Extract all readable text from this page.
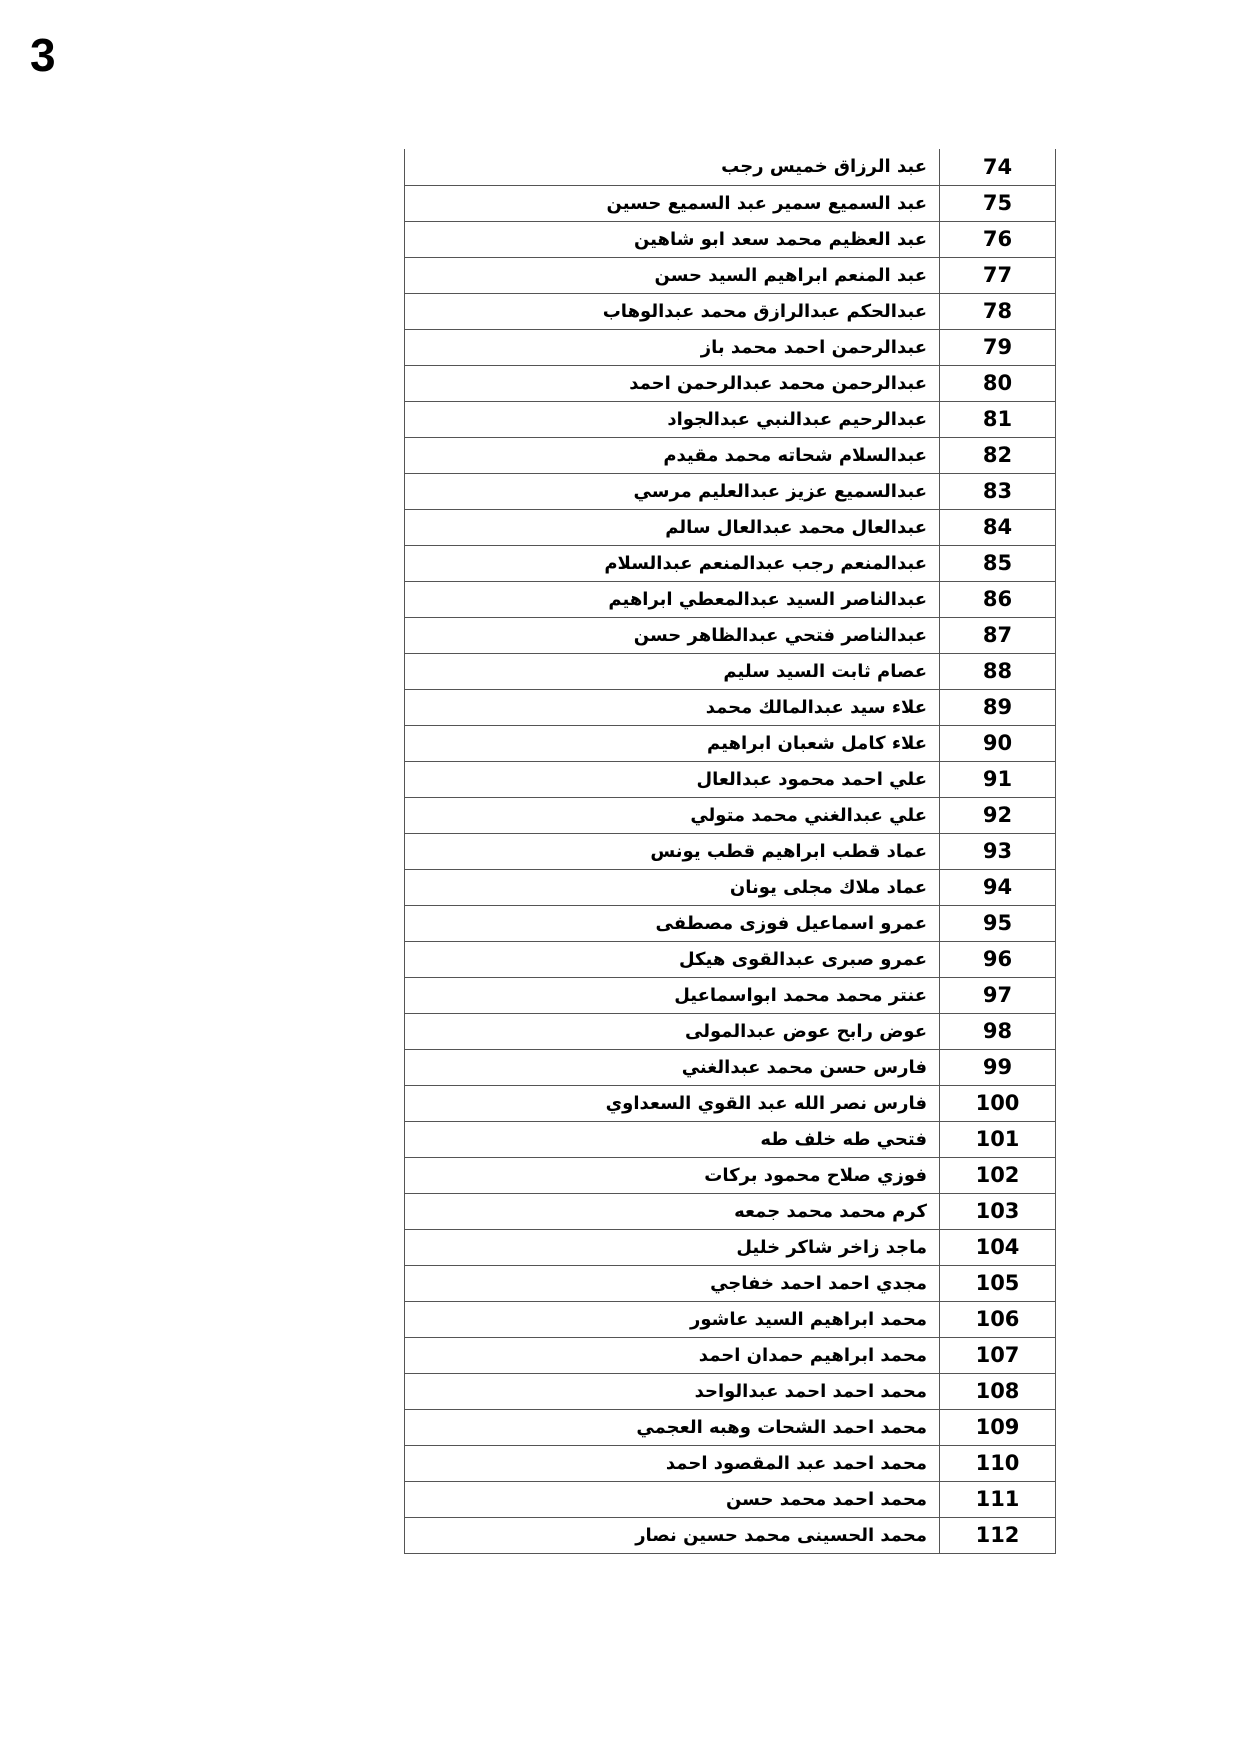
3
74	عبد الرزاق خميس رجب
75	عبد السميع سمير عبد السميع حسين
76	عبد العظيم محمد سعد ابو شاهين
77	عبد المنعم ابراهيم السيد حسن
78	عبدالحكم عبدالرازق محمد عبدالوهاب
79	عبدالرحمن احمد محمد باز
80	عبدالرحمن محمد عبدالرحمن احمد
81	عبدالرحيم عبدالنبي عبدالجواد
82	عبدالسلام شحاته محمد مقيدم
83	عبدالسميع عزيز عبدالعليم مرسي
84	عبدالعال محمد عبدالعال سالم
85	عبدالمنعم رجب عبدالمنعم عبدالسلام
86	عبدالناصر السيد عبدالمعطي ابراهيم
87	عبدالناصر فتحي عبدالظاهر حسن
88	عصام ثابت السيد سليم
89	علاء سيد عبدالمالك محمد
90	علاء كامل شعبان ابراهيم
91	علي احمد محمود عبدالعال
92	علي عبدالغني محمد متولي
93	عماد قطب ابراهيم قطب يونس
94	عماد ملاك مجلى يونان
95	عمرو اسماعيل فوزى مصطفى
96	عمرو صبرى عبدالقوى هيكل
97	عنتر محمد محمد ابواسماعيل
98	عوض رابح عوض عبدالمولى
99	فارس حسن محمد عبدالغني
100	فارس نصر الله عبد القوي السعداوي
101	فتحي طه خلف طه
102	فوزي صلاح محمود بركات
103	كرم محمد محمد جمعه
104	ماجد زاخر شاكر خليل
105	مجدي احمد احمد خفاجي
106	محمد ابراهيم السيد عاشور
107	محمد ابراهيم حمدان احمد
108	محمد احمد احمد عبدالواحد
109	محمد احمد الشحات وهبه العجمي
110	محمد احمد عبد المقصود احمد
111	محمد احمد محمد حسن
112	محمد الحسينى محمد حسين نصار
